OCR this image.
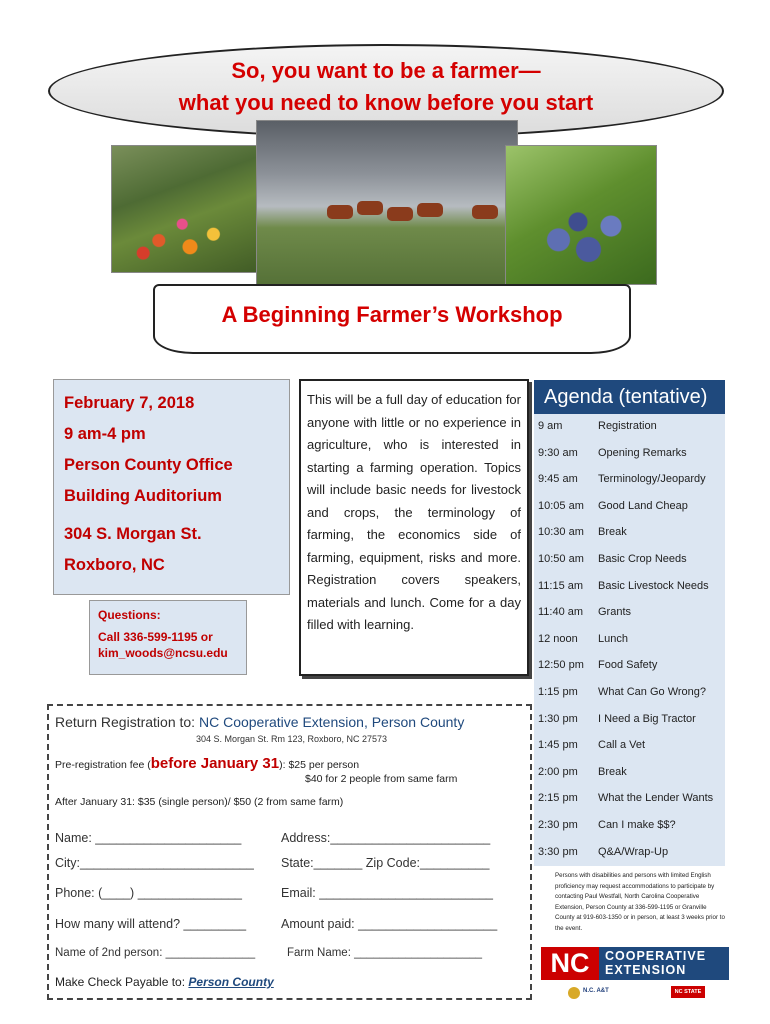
So, you want to be a farmer—
what you need to know before you start
A Beginning Farmer’s Workshop

February 7, 2018

9 am-4 pm

Person County Office

Building Auditorium

304 S. Morgan St.

Roxboro, NC

Questions:
Call 336-599-1195 or
kim_woods@ncsu.edu
This will be a full day of education for anyone with little or no experience in agriculture, who is interested in starting a farming operation. Topics will include basic needs for livestock and crops, the terminology of farming, the economics side of farming, equipment, risks and more. Registration covers speakers, materials and lunch. Come for a day filled with learning.
Agenda (tentative)
9 am	Registration
9:30 am Opening Remarks
9:45 am Terminology/Jeopardy
10:05 am Good Land Cheap
10:30 am Break
10:50 am Basic Crop Needs
11:15 am Basic Livestock Needs
11:40 am Grants
12 noon Lunch
12:50 pm Food Safety
1:15 pm What Can Go Wrong?
1:30 pm I Need a Big Tractor
1:45 pm Call a Vet
2:00 pm Break
2:15 pm What the Lender Wants
2:30 pm Can I make $$?
3:30 pm Q&A/Wrap-Up
Persons with disabilities and persons with limited English proficiency may request accommodations to participate by contacting Paul Westfall, North Carolina Cooperative Extension, Person County at 336-599-1195 or Granville County at 919-603-1350 or in person, at least 3 weeks prior to the event.
NC	COOPERATIVE
EXTENSION
N.C. A&T	NC STATE
Return Registration to: NC Cooperative Extension, Person County
304 S. Morgan St. Rm 123, Roxboro, NC 27573
Pre-registration fee (before January 31): $25 per person
$40 for 2 people from same farm
After January 31: $35 (single person)/ $50 (2 from same farm)
Name: _____________________	Address:_______________________
City:_________________________ State:_______ Zip Code:__________
Phone: (____) _______________	Email: _________________________
How many will attend? _________	Amount paid: ____________________
Name of 2nd person: ______________	Farm Name: ____________________
Make Check Payable to: Person County
